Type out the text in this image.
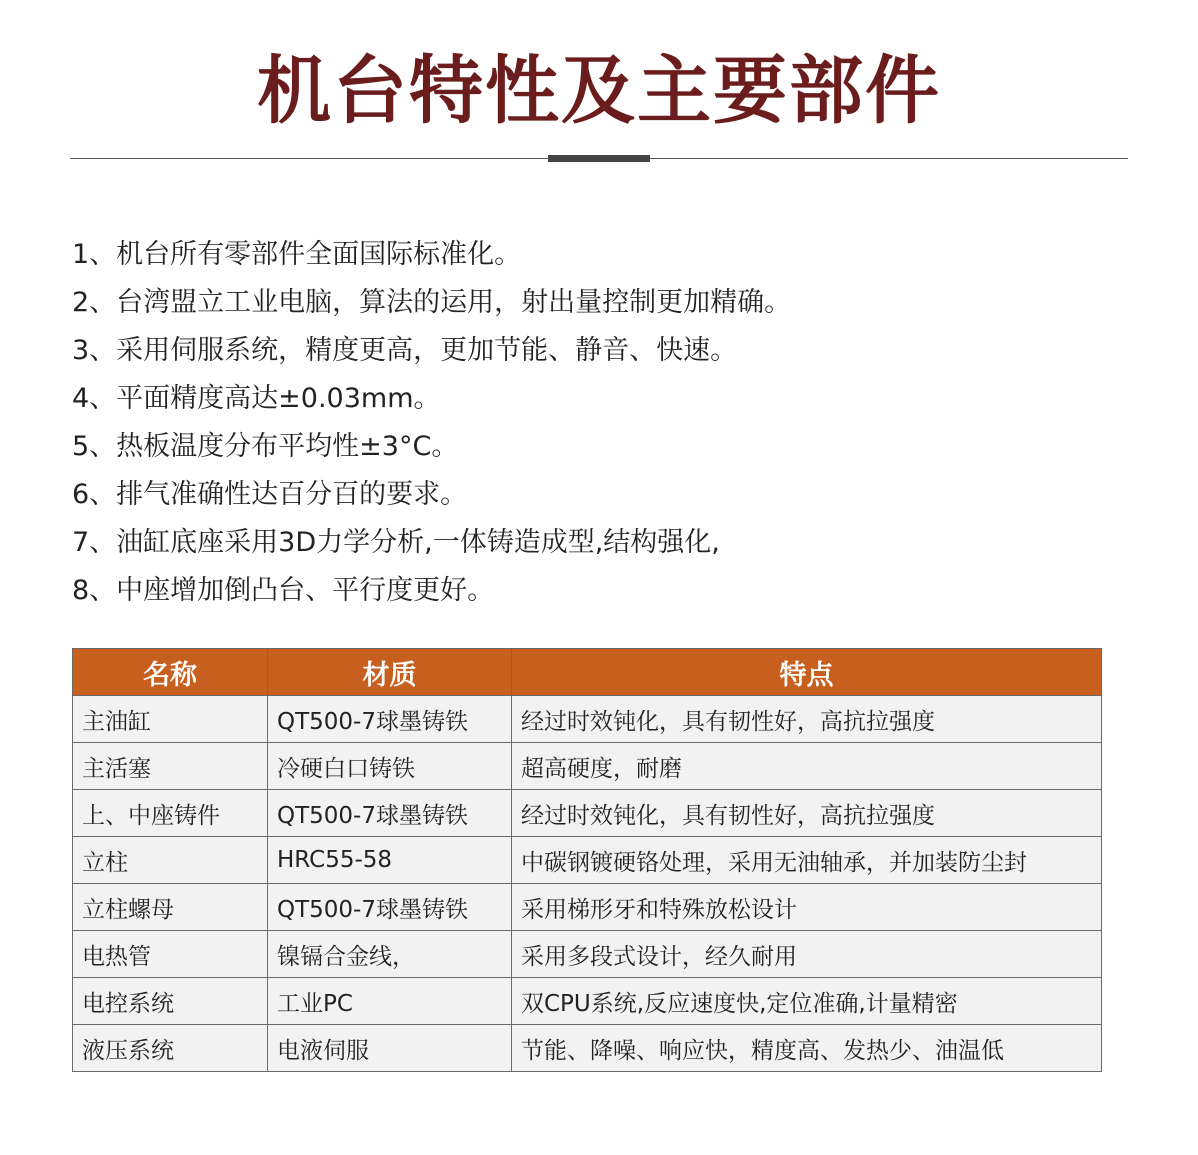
机台特性及主要部件
1、机台所有零部件全面国际标准化。
2、台湾盟立工业电脑，算法的运用，射出量控制更加精确。
3、采用伺服系统，精度更高，更加节能、静音、快速。
4、平面精度高达±0.03mm。
5、热板温度分布平均性±3°C。
6、排气准确性达百分百的要求。
7、油缸底座采用3D力学分析,一体铸造成型,结构强化,
8、中座增加倒凸台、平行度更好。
名称	材质	特点
主油缸	QT500-7球墨铸铁	经过时效钝化，具有韧性好，高抗拉强度
主活塞	冷硬白口铸铁	超高硬度，耐磨
上、中座铸件	QT500-7球墨铸铁	经过时效钝化，具有韧性好，高抗拉强度
立柱	HRC55-58	中碳钢镀硬铬处理，采用无油轴承，并加装防尘封
立柱螺母	QT500-7球墨铸铁	采用梯形牙和特殊放松设计
电热管	镍镉合金线，	采用多段式设计，经久耐用
电控系统	工业PC	双CPU系统,反应速度快,定位准确,计量精密
液压系统	电液伺服	节能、降噪、响应快，精度高、发热少、油温低
